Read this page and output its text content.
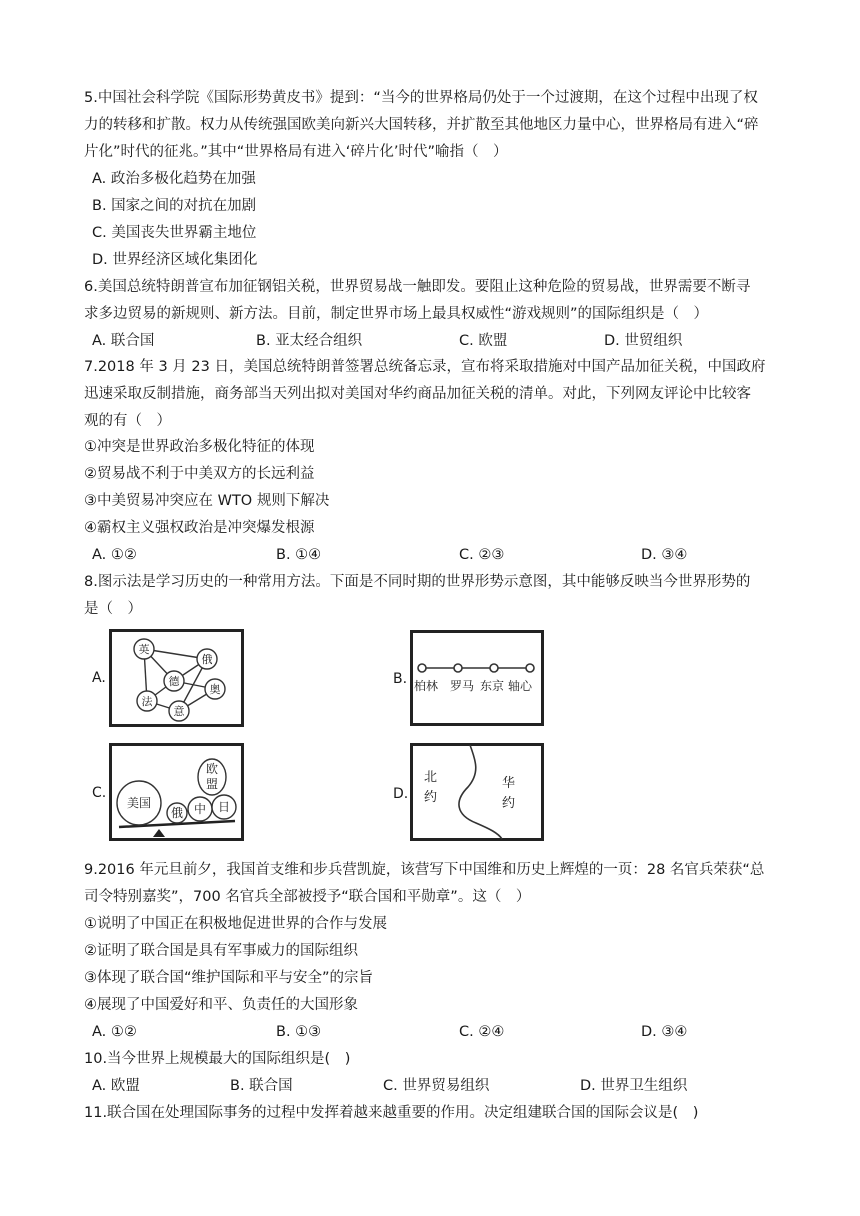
5.中国社会科学院《国际形势黄皮书》提到：“当今的世界格局仍处于一个过渡期，在这个过程中出现了权
力的转移和扩散。权力从传统强国欧美向新兴大国转移，并扩散至其他地区力量中心，世界格局有进入“碎
片化”时代的征兆。”其中“世界格局有进入‘碎片化’时代”喻指（　）
A. 政治多极化趋势在加强
B. 国家之间的对抗在加剧
C. 美国丧失世界霸主地位
D. 世界经济区域化集团化
6.美国总统特朗普宣布加征钢铝关税，世界贸易战一触即发。要阻止这种危险的贸易战，世界需要不断寻
求多边贸易的新规则、新方法。目前，制定世界市场上最具权威性“游戏规则”的国际组织是（　）
A. 联合国	B. 亚太经合组织	C. 欧盟	D. 世贸组织
7.2018 年 3 月 23 日，美国总统特朗普签署总统备忘录，宣布将采取措施对中国产品加征关税，中国政府
迅速采取反制措施，商务部当天列出拟对美国对华约商品加征关税的清单。对此，下列网友评论中比较客
观的有（　）
①冲突是世界政治多极化特征的体现
②贸易战不利于中美双方的长远利益
③中美贸易冲突应在 WTO 规则下解决
④霸权主义强权政治是冲突爆发根源
A. ①②	B. ①④	C. ②③	D. ③④
8.图示法是学习历史的一种常用方法。下面是不同时期的世界形势示意图，其中能够反映当今世界形势的
是（　）
A.
英
德
俄
法
奥
意
B. 柏林 罗马 东京 轴心
C.
美国
俄 中 日
欧
盟
D.
北
约
华
约
9.2016 年元旦前夕，我国首支维和步兵营凯旋，该营写下中国维和历史上辉煌的一页：28 名官兵荣获“总
司令特别嘉奖”，700 名官兵全部被授予“联合国和平勋章”。这（　）
①说明了中国正在积极地促进世界的合作与发展
②证明了联合国是具有军事威力的国际组织
③体现了联合国“维护国际和平与安全”的宗旨
④展现了中国爱好和平、负责任的大国形象
A. ①②	B. ①③	C. ②④	D. ③④
10.当今世界上规模最大的国际组织是(　)
A. 欧盟	B. 联合国	C. 世界贸易组织	D. 世界卫生组织
11.联合国在处理国际事务的过程中发挥着越来越重要的作用。决定组建联合国的国际会议是(　)
